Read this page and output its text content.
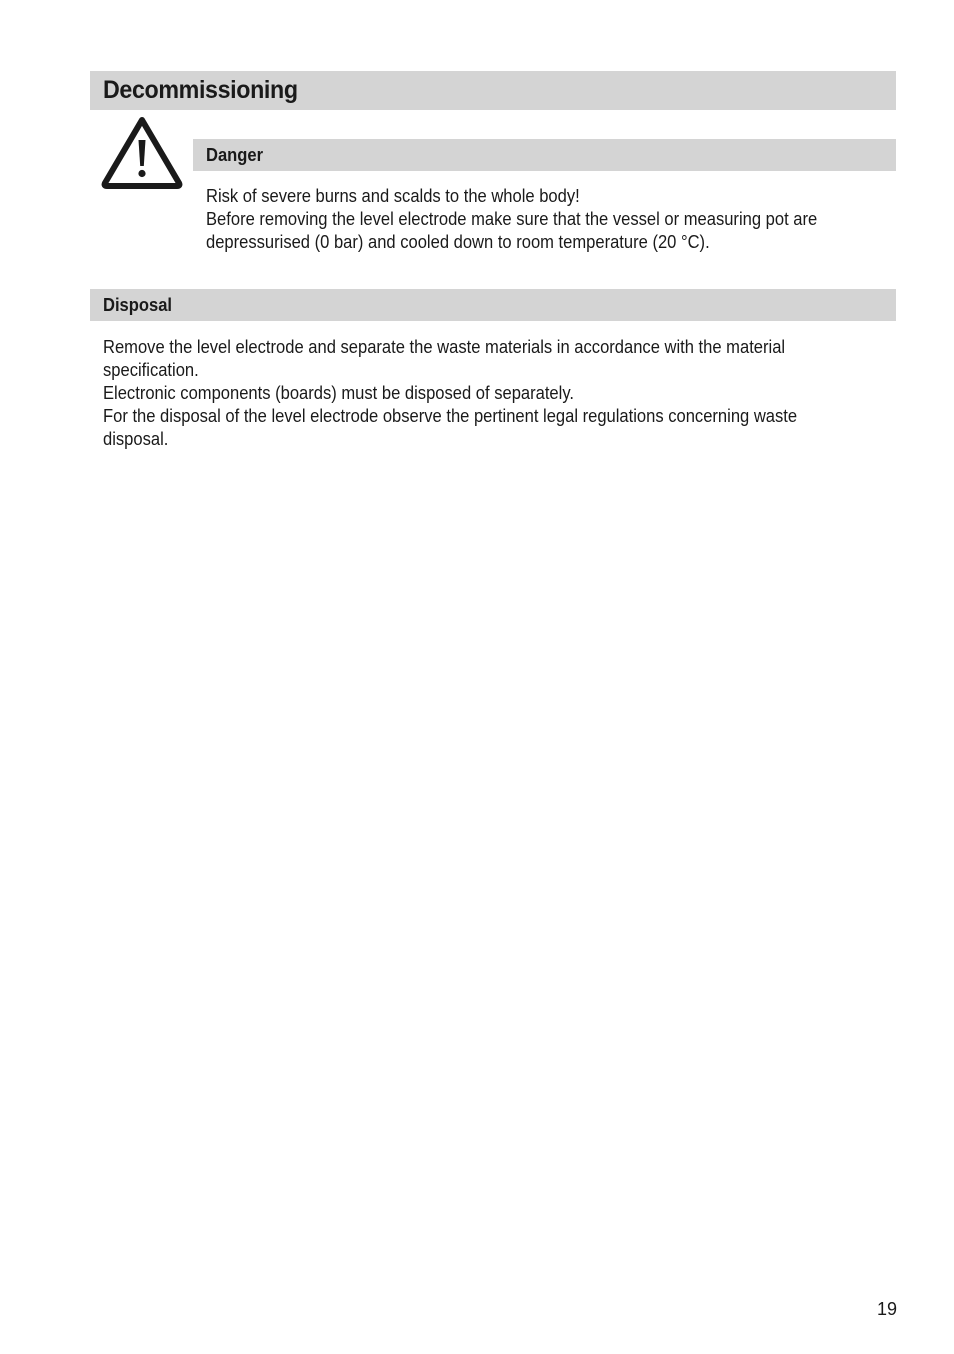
Decommissioning
Danger
Risk of severe burns and scalds to the whole body!
Before removing the level electrode make sure that the vessel or measuring pot are
depressurised (0 bar) and cooled down to room temperature (20 °C).
Disposal
Remove the level electrode and separate the waste materials in accordance with the material
specification.
Electronic components (boards) must be disposed of separately.
For the disposal of the level electrode observe the pertinent legal regulations concerning waste
disposal.
19
